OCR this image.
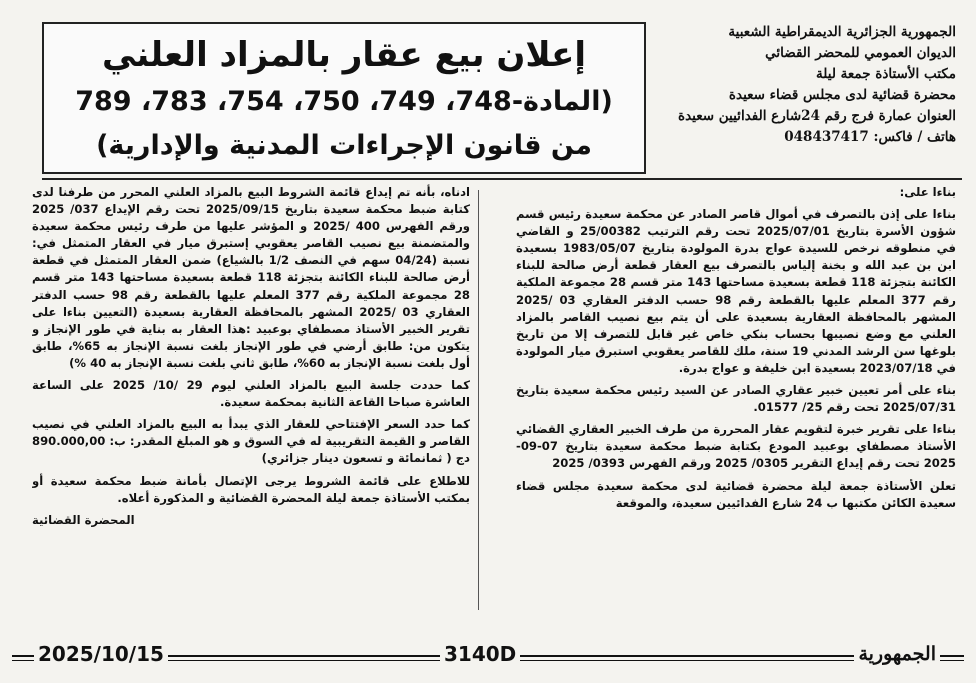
الجمهورية الجزائرية الديمقراطية الشعبية
الديوان العمومي للمحضر القضائي
مكتب الأستاذة جمعة ليلة
محضرة قضائية لدى مجلس قضاء سعيدة
العنوان عمارة فرج رقم 24شارع الفدائيين سعيدة
هاتف / فاكس: 048437417
إعلان بيع عقار بالمزاد العلني
(المادة-748، 749، 750، 754، 783، 789
من قانون الإجراءات المدنية والإدارية)

بناءا على:

بناءا على إذن بالتصرف في أموال قاصر الصادر عن محكمة سعيدة رئيس قسم شؤون الأسرة بتاريخ 2025/07/01 تحت رقم الترتيب 25/00382 و القاضي في منطوقه نرخص للسيدة عواج بدرة المولودة بتاريخ 1983/05/07 بسعيدة ابن بن عبد الله و بخنة إلياس بالتصرف بيع العقار قطعة أرض صالحة للبناء الكائنة بتجزئة 118 قطعة بسعيدة مساحتها 143 متر قسم 28 مجموعة الملكية رقم 377 المعلم عليها بالقطعة رقم 98 حسب الدفتر العقاري 03 /2025 المشهر بالمحافظة العقارية بسعيدة على أن يتم بيع نصيب القاصر بالمزاد العلني مع وضع نصيبها بحساب بنكي خاص غير قابل للتصرف إلا من تاريخ بلوغها سن الرشد المدني 19 سنة، ملك للقاصر يعقوبي استبرق ميار المولودة في 2023/07/18 بسعيدة ابن خليفة و عواج بدرة.

بناء على أمر تعيين خبير عقاري الصادر عن السيد رئيس محكمة سعيدة بتاريخ 2025/07/31 تحت رقم 25/ 01577.

بناءا على تقرير خبرة لتقويم عقار المحررة من طرف الخبير العقاري القضائي الأستاذ مصطفاي بوعبيد المودع بكتابة ضبط محكمة سعيدة بتاريخ 07-09-2025 تحت رقم إيداع التقرير 0305/ 2025 ورقم الفهرس 0393/ 2025

تعلن الأستاذة جمعة ليلة محضرة قضائية لدى محكمة سعيدة مجلس قضاء سعيدة الكائن مكتبها ب 24 شارع الفدائيين سعيدة، والموقعة

ادناه، بأنه تم إيداع قائمة الشروط البيع بالمزاد العلني المحرر من طرفنا لدى كتابة ضبط محكمة سعيدة بتاريخ 2025/09/15 تحت رقم الإيداع 037/ 2025 ورقم الفهرس 400 /2025 و المؤشر عليها من طرف رئيس محكمة سعيدة والمتضمنة بيع نصيب القاصر يعقوبي إستبرق ميار في العقار المتمثل في: نسبة (04/24 سهم في النصف 1/2 بالشياع) ضمن العقار المتمثل في قطعة أرض صالحة للبناء الكائنة بتجزئة 118 قطعة بسعيدة مساحتها 143 متر قسم 28 مجموعة الملكية رقم 377 المعلم عليها بالقطعة رقم 98 حسب الدفتر العقاري 03 /2025 المشهر بالمحافظة العقارية بسعيدة (التعيين بناءا على تقرير الخبير الأستاذ مصطفاي بوعبيد :هذا العقار به بناية في طور الإنجاز و يتكون من: طابق أرضي في طور الإنجاز بلغت نسبة الإنجاز به 65%، طابق أول بلغت نسبة الإنجاز به 60%، طابق ثاني بلغت نسبة الإنجاز به 40 %)

كما حددت جلسة البيع بالمزاد العلني ليوم 29 /10/ 2025 على الساعة العاشرة صباحا القاعة الثانية بمحكمة سعيدة.

كما حدد السعر الإفتتاحي للعقار الذي يبدأ به البيع بالمزاد العلني في نصيب القاصر و القيمة التقريبية له في السوق و هو المبلغ المقدر: ب: 890.000,00 دج ( ثمانمائة و تسعون دينار جزائري)

للاطلاع على قائمة الشروط يرجى الإتصال بأمانة ضبط محكمة سعيدة أو بمكتب الأستاذة جمعة ليلة المحضرة القضائية و المذكورة أعلاه.

المحضرة القضائية

2025/10/15	3140D	الجمهورية
